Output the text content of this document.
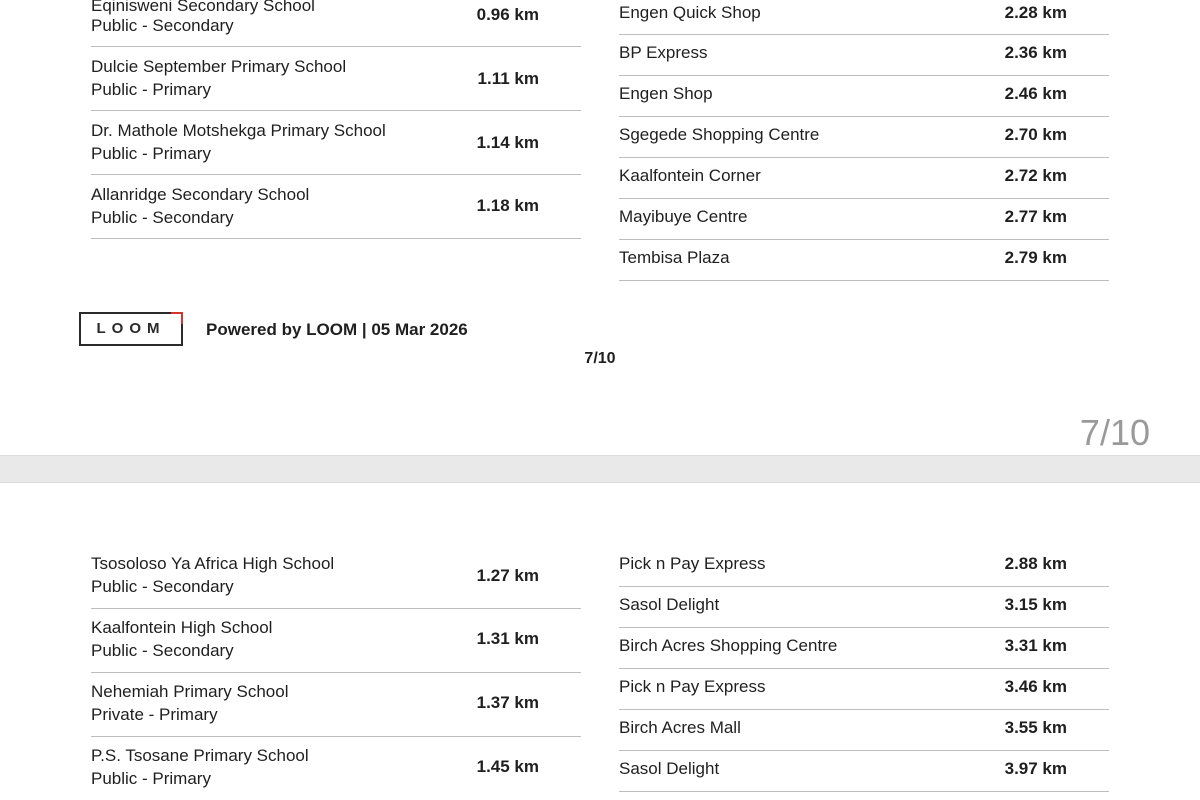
Eqinisweni Secondary School
Public - Secondary
0.96 km
Dulcie September Primary School
Public - Primary
1.11 km
Dr. Mathole Motshekga Primary School
Public - Primary
1.14 km
Allanridge Secondary School
Public - Secondary
1.18 km
Engen Quick Shop	2.28 km
BP Express	2.36 km
Engen Shop	2.46 km
Sgegede Shopping Centre	2.70 km
Kaalfontein Corner	2.72 km
Mayibuye Centre	2.77 km
Tembisa Plaza	2.79 km
LOOM	Powered by LOOM | 05 Mar 2026
7/10
7/10
Tsosoloso Ya Africa High School
Public - Secondary
1.27 km
Kaalfontein High School
Public - Secondary
1.31 km
Nehemiah Primary School
Private - Primary
1.37 km
P.S. Tsosane Primary School
Public - Primary
1.45 km
Pick n Pay Express	2.88 km
Sasol Delight	3.15 km
Birch Acres Shopping Centre	3.31 km
Pick n Pay Express	3.46 km
Birch Acres Mall	3.55 km
Sasol Delight	3.97 km
